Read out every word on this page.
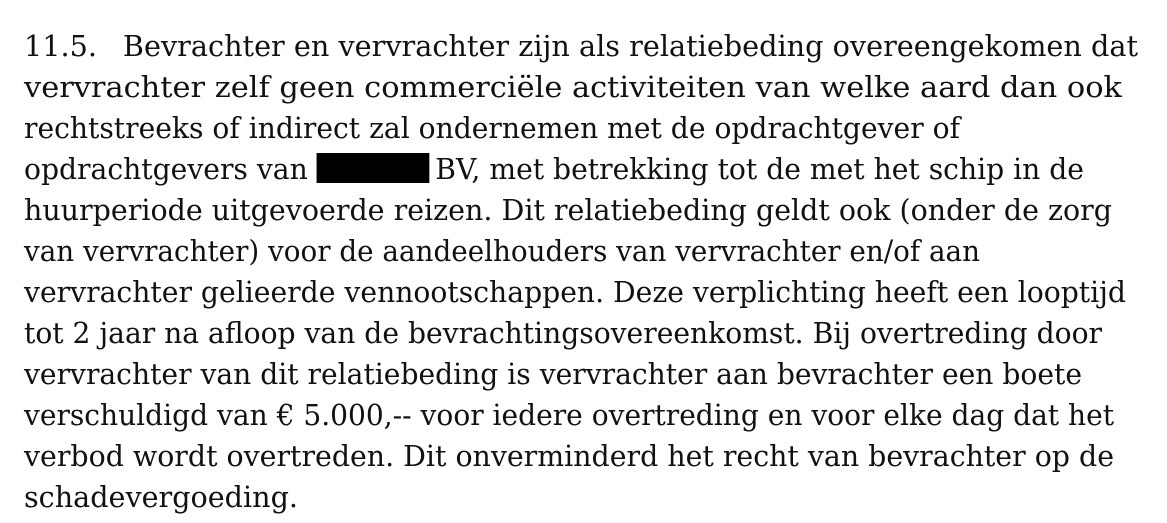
11.5. Bevrachter en vervrachter zijn als relatiebeding overeengekomen dat
vervrachter zelf geen commerciële activiteiten van welke aard dan ook
rechtstreeks of indirect zal ondernemen met de opdrachtgever of
opdrachtgevers van	BV, met betrekking tot de met het schip in de
huurperiode uitgevoerde reizen. Dit relatiebeding geldt ook (onder de zorg
van vervrachter) voor de aandeelhouders van vervrachter en/of aan
vervrachter gelieerde vennootschappen. Deze verplichting heeft een looptijd
tot 2 jaar na afloop van de bevrachtingsovereenkomst. Bij overtreding door
vervrachter van dit relatiebeding is vervrachter aan bevrachter een boete
verschuldigd van € 5.000,-- voor iedere overtreding en voor elke dag dat het
verbod wordt overtreden. Dit onverminderd het recht van bevrachter op de
schadevergoeding.
